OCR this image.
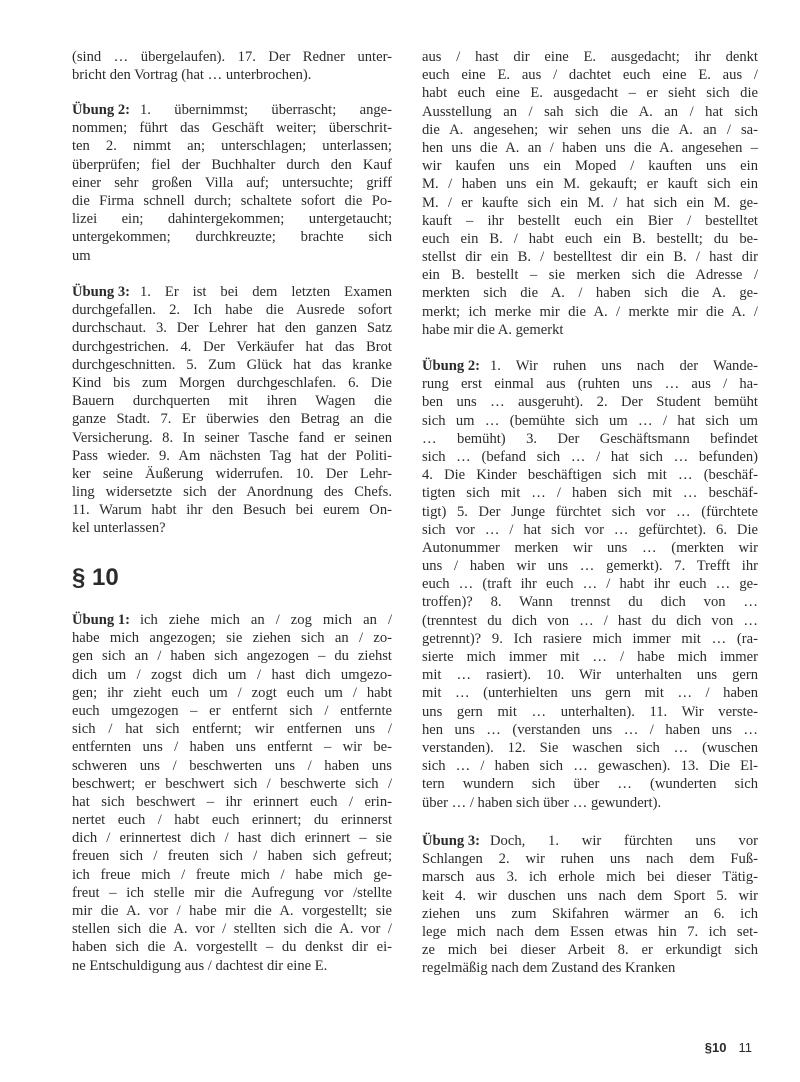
(sind … übergelaufen). 17. Der Redner unter-
bricht den Vortrag (hat … unterbrochen).
Übung 2: 1. übernimmst; überrascht; ange-
nommen; führt das Geschäft weiter; überschrit-
ten 2. nimmt an; unterschlagen; unterlassen;
überprüfen; fiel der Buchhalter durch den Kauf
einer sehr großen Villa auf; untersuchte; griff
die Firma schnell durch; schaltete sofort die Po-
lizei ein; dahintergekommen; untergetaucht;
untergekommen; durchkreuzte; brachte sich
um
Übung 3: 1. Er ist bei dem letzten Examen
durchgefallen. 2. Ich habe die Ausrede sofort
durchschaut. 3. Der Lehrer hat den ganzen Satz
durchgestrichen. 4. Der Verkäufer hat das Brot
durchgeschnitten. 5. Zum Glück hat das kranke
Kind bis zum Morgen durchgeschlafen. 6. Die
Bauern durchquerten mit ihren Wagen die
ganze Stadt. 7. Er überwies den Betrag an die
Versicherung. 8. In seiner Tasche fand er seinen
Pass wieder. 9. Am nächsten Tag hat der Politi-
ker seine Äußerung widerrufen. 10. Der Lehr-
ling widersetzte sich der Anordnung des Chefs.
11. Warum habt ihr den Besuch bei eurem On-
kel unterlassen?
§ 10
Übung 1: ich ziehe mich an / zog mich an /
habe mich angezogen; sie ziehen sich an / zo-
gen sich an / haben sich angezogen – du ziehst
dich um / zogst dich um / hast dich umgezo-
gen; ihr zieht euch um / zogt euch um / habt
euch umgezogen – er entfernt sich / entfernte
sich / hat sich entfernt; wir entfernen uns /
entfernten uns / haben uns entfernt – wir be-
schweren uns / beschwerten uns / haben uns
beschwert; er beschwert sich / beschwerte sich /
hat sich beschwert – ihr erinnert euch / erin-
nertet euch / habt euch erinnert; du erinnerst
dich / erinnertest dich / hast dich erinnert – sie
freuen sich / freuten sich / haben sich gefreut;
ich freue mich / freute mich / habe mich ge-
freut – ich stelle mir die Aufregung vor /stellte
mir die A. vor / habe mir die A. vorgestellt; sie
stellen sich die A. vor / stellten sich die A. vor /
haben sich die A. vorgestellt – du denkst dir ei-
ne Entschuldigung aus / dachtest dir eine E.
aus / hast dir eine E. ausgedacht; ihr denkt
euch eine E. aus / dachtet euch eine E. aus /
habt euch eine E. ausgedacht – er sieht sich die
Ausstellung an / sah sich die A. an / hat sich
die A. angesehen; wir sehen uns die A. an / sa-
hen uns die A. an / haben uns die A. angesehen –
wir kaufen uns ein Moped / kauften uns ein
M. / haben uns ein M. gekauft; er kauft sich ein
M. / er kaufte sich ein M. / hat sich ein M. ge-
kauft – ihr bestellt euch ein Bier / bestelltet
euch ein B. / habt euch ein B. bestellt; du be-
stellst dir ein B. / bestelltest dir ein B. / hast dir
ein B. bestellt – sie merken sich die Adresse /
merkten sich die A. / haben sich die A. ge-
merkt; ich merke mir die A. / merkte mir die A. /
habe mir die A. gemerkt
Übung 2: 1. Wir ruhen uns nach der Wande-
rung erst einmal aus (ruhten uns … aus / ha-
ben uns … ausgeruht). 2. Der Student bemüht
sich um … (bemühte sich um … / hat sich um
… bemüht) 3. Der Geschäftsmann befindet
sich … (befand sich … / hat sich … befunden)
4. Die Kinder beschäftigen sich mit … (beschäf-
tigten sich mit … / haben sich mit … beschäf-
tigt) 5. Der Junge fürchtet sich vor … (fürchtete
sich vor … / hat sich vor … gefürchtet). 6. Die
Autonummer merken wir uns … (merkten wir
uns / haben wir uns … gemerkt). 7. Trefft ihr
euch … (traft ihr euch … / habt ihr euch … ge-
troffen)? 8. Wann trennst du dich von …
(trenntest du dich von … / hast du dich von …
getrennt)? 9. Ich rasiere mich immer mit … (ra-
sierte mich immer mit … / habe mich immer
mit … rasiert). 10. Wir unterhalten uns gern
mit … (unterhielten uns gern mit … / haben
uns gern mit … unterhalten). 11. Wir verste-
hen uns … (verstanden uns … / haben uns …
verstanden). 12. Sie waschen sich … (wuschen
sich … / haben sich … gewaschen). 13. Die El-
tern wundern sich über … (wunderten sich
über … / haben sich über … gewundert).
Übung 3: Doch, 1. wir fürchten uns vor
Schlangen 2. wir ruhen uns nach dem Fuß-
marsch aus 3. ich erhole mich bei dieser Tätig-
keit 4. wir duschen uns nach dem Sport 5. wir
ziehen uns zum Skifahren wärmer an 6. ich
lege mich nach dem Essen etwas hin 7. ich set-
ze mich bei dieser Arbeit 8. er erkundigt sich
regelmäßig nach dem Zustand des Kranken
§10 11
